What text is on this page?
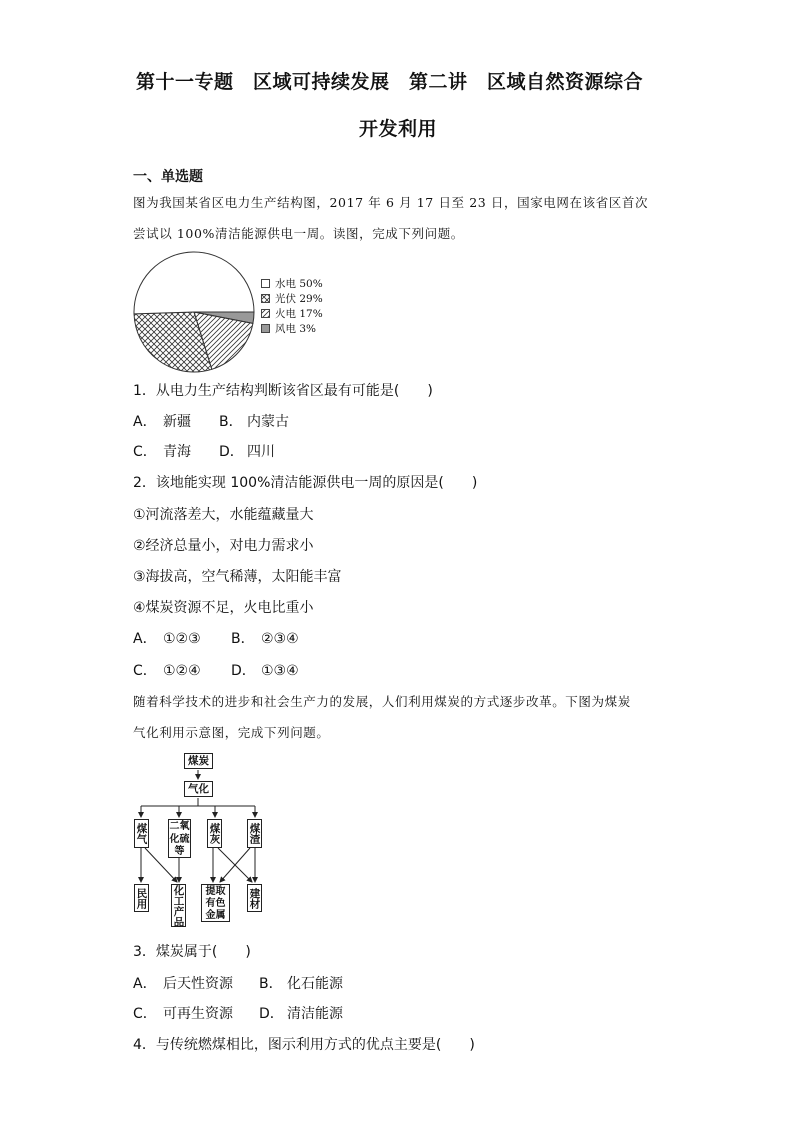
第十一专题　区域可持续发展　第二讲　区域自然资源综合
开发利用
一、单选题
图为我国某省区电力生产结构图，2017 年 6 月 17 日至 23 日，国家电网在该省区首次
尝试以 100%清洁能源供电一周。读图，完成下列问题。
水电 50%
光伏 29%
火电 17%
风电 3%
1．从电力生产结构判断该省区最有可能是(　　)
A． 新疆 B． 内蒙古
C． 青海 D． 四川
2．该地能实现 100%清洁能源供电一周的原因是(　　)
①河流落差大，水能蕴藏量大
②经济总量小，对电力需求小
③海拔高，空气稀薄，太阳能丰富
④煤炭资源不足，火电比重小
A． ①②③ B． ②③④
C． ①②④ D． ①③④
随着科学技术的进步和社会生产力的发展，人们利用煤炭的方式逐步改革。下图为煤炭
气化利用示意图，完成下列问题。
煤炭
气化
煤气 二氧化硫等
煤灰	煤渣
民用 化工产品	提取有色金属
建材
3．煤炭属于(　　)
A． 后天性资源 B． 化石能源
C． 可再生资源 D． 清洁能源
4．与传统燃煤相比，图示利用方式的优点主要是(　　)
